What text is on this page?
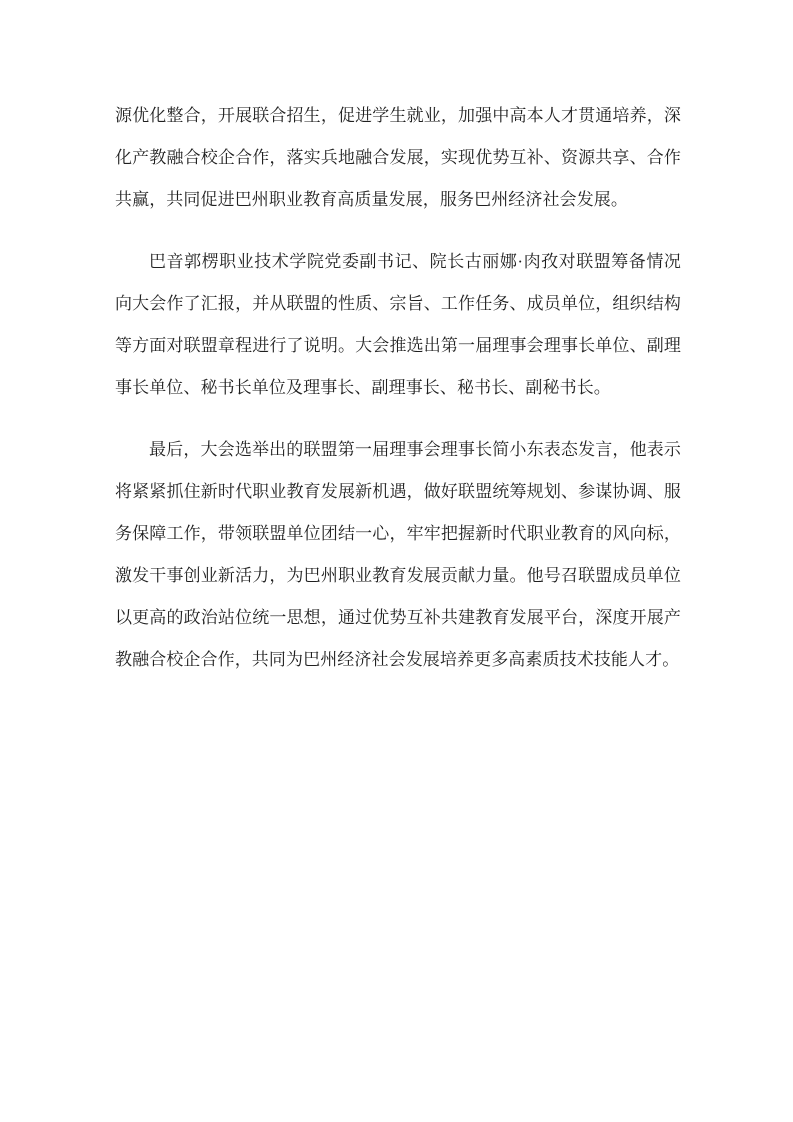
源优化整合，开展联合招生，促进学生就业，加强中高本人才贯通培养，深化产教融合校企合作，落实兵地融合发展，实现优势互补、资源共享、合作共赢，共同促进巴州职业教育高质量发展，服务巴州经济社会发展。

巴音郭楞职业技术学院党委副书记、院长古丽娜·肉孜对联盟筹备情况向大会作了汇报，并从联盟的性质、宗旨、工作任务、成员单位，组织结构等方面对联盟章程进行了说明。大会推选出第一届理事会理事长单位、副理事长单位、秘书长单位及理事长、副理事长、秘书长、副秘书长。

最后，大会选举出的联盟第一届理事会理事长简小东表态发言，他表示将紧紧抓住新时代职业教育发展新机遇，做好联盟统筹规划、参谋协调、服务保障工作，带领联盟单位团结一心，牢牢把握新时代职业教育的风向标，激发干事创业新活力，为巴州职业教育发展贡献力量。他号召联盟成员单位以更高的政治站位统一思想，通过优势互补共建教育发展平台，深度开展产教融合校企合作，共同为巴州经济社会发展培养更多高素质技术技能人才。
